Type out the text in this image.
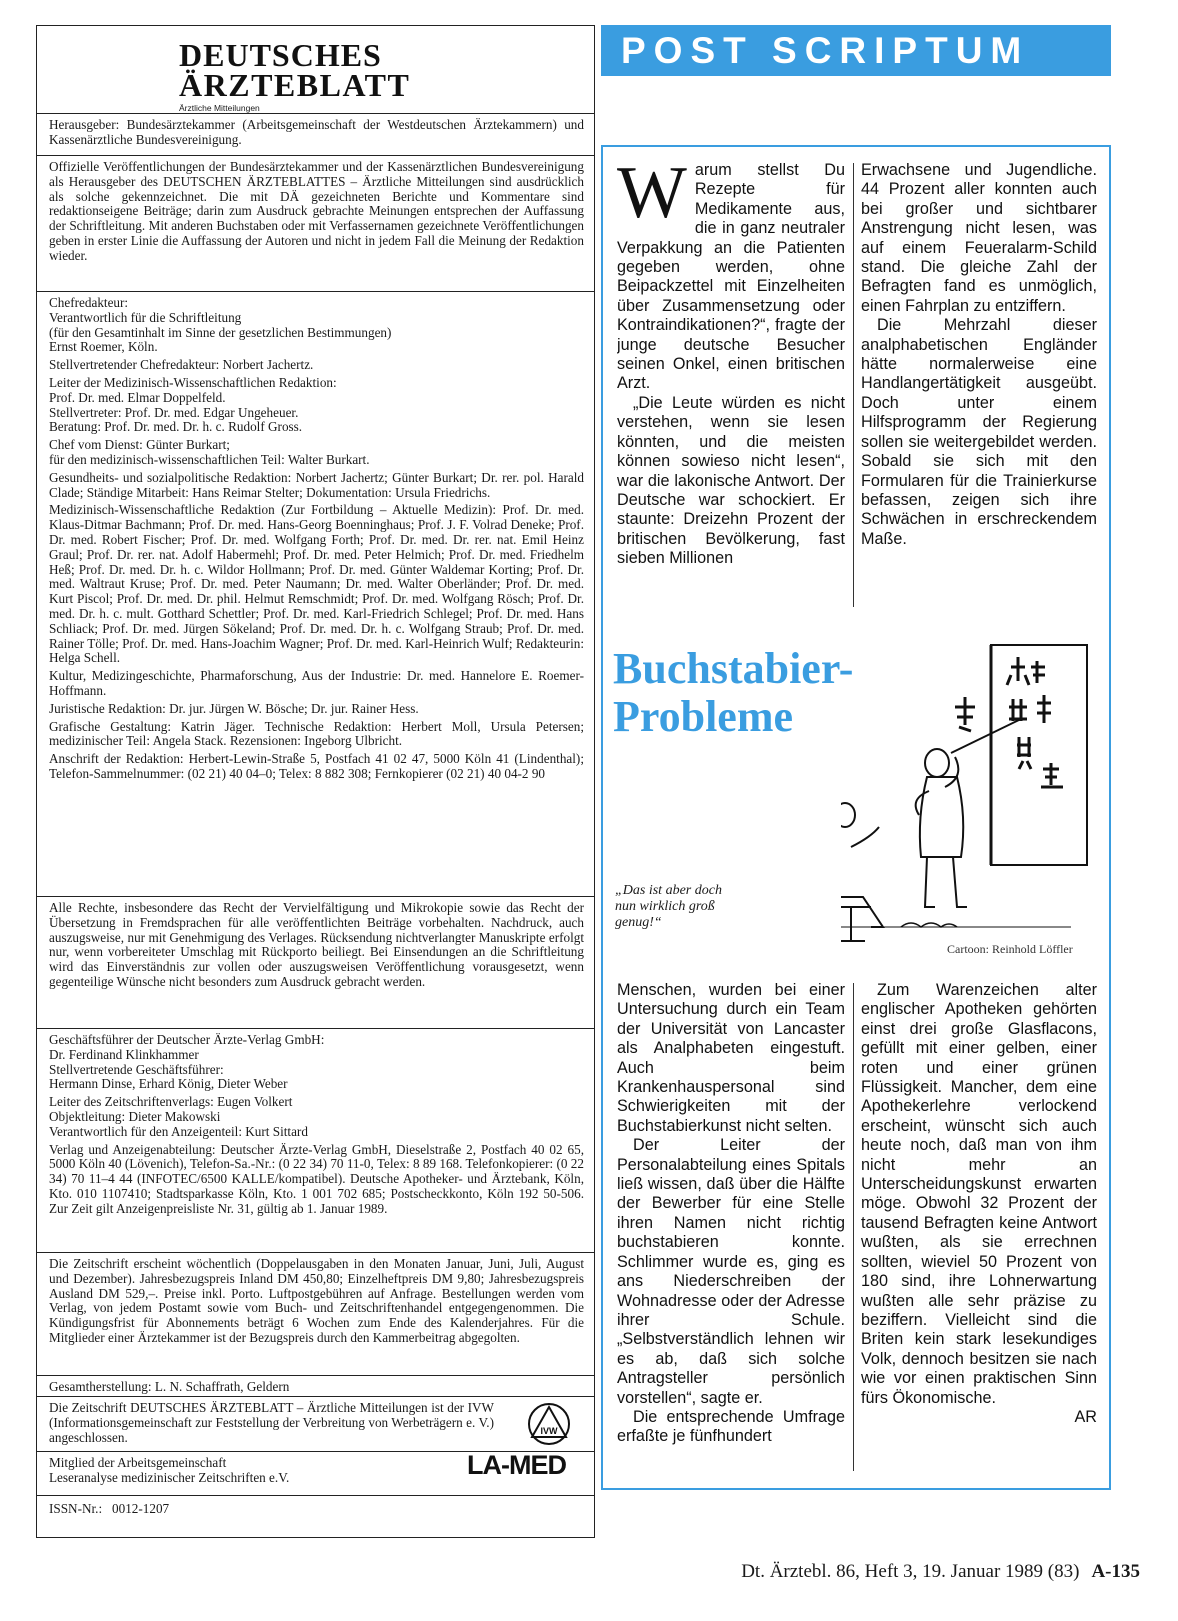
DEUTSCHES
ÄRZTEBLATT
Ärztliche Mitteilungen

Herausgeber: Bundesärztekammer (Arbeitsgemeinschaft der Westdeutschen Ärztekammern) und Kassenärztliche Bundesvereinigung.

Offizielle Veröffentlichungen der Bundesärztekammer und der Kassenärztlichen Bundesvereinigung als Herausgeber des DEUTSCHEN ÄRZTEBLATTES – Ärztliche Mitteilungen sind ausdrücklich als solche gekennzeichnet. Die mit DÄ gezeichneten Berichte und Kommentare sind redaktionseigene Beiträge; darin zum Ausdruck gebrachte Meinungen entsprechen der Auffassung der Schriftleitung. Mit anderen Buchstaben oder mit Verfassernamen gezeichnete Veröffentlichungen geben in erster Linie die Auffassung der Autoren und nicht in jedem Fall die Meinung der Redaktion wieder.

Chefredakteur:
Verantwortlich für die Schriftleitung
(für den Gesamtinhalt im Sinne der gesetzlichen Bestimmungen)
Ernst Roemer, Köln.

Stellvertretender Chefredakteur: Norbert Jachertz.

Leiter der Medizinisch-Wissenschaftlichen Redaktion:
Prof. Dr. med. Elmar Doppelfeld.
Stellvertreter: Prof. Dr. med. Edgar Ungeheuer.
Beratung: Prof. Dr. med. Dr. h. c. Rudolf Gross.

Chef vom Dienst: Günter Burkart;
für den medizinisch-wissenschaftlichen Teil: Walter Burkart.

Gesundheits- und sozialpolitische Redaktion: Norbert Jachertz; Günter Burkart; Dr. rer. pol. Harald Clade; Ständige Mitarbeit: Hans Reimar Stelter; Dokumentation: Ursula Friedrichs.

Medizinisch-Wissenschaftliche Redaktion (Zur Fortbildung – Aktuelle Medizin): Prof. Dr. med. Klaus-Ditmar Bachmann; Prof. Dr. med. Hans-Georg Boenninghaus; Prof. J. F. Volrad Deneke; Prof. Dr. med. Robert Fischer; Prof. Dr. med. Wolfgang Forth; Prof. Dr. med. Dr. rer. nat. Emil Heinz Graul; Prof. Dr. rer. nat. Adolf Habermehl; Prof. Dr. med. Peter Helmich; Prof. Dr. med. Friedhelm Heß; Prof. Dr. med. Dr. h. c. Wildor Hollmann; Prof. Dr. med. Günter Waldemar Korting; Prof. Dr. med. Waltraut Kruse; Prof. Dr. med. Peter Naumann; Dr. med. Walter Oberländer; Prof. Dr. med. Kurt Piscol; Prof. Dr. med. Dr. phil. Helmut Remschmidt; Prof. Dr. med. Wolfgang Rösch; Prof. Dr. med. Dr. h. c. mult. Gotthard Schettler; Prof. Dr. med. Karl-Friedrich Schlegel; Prof. Dr. med. Hans Schliack; Prof. Dr. med. Jürgen Sökeland; Prof. Dr. med. Dr. h. c. Wolfgang Straub; Prof. Dr. med. Rainer Tölle; Prof. Dr. med. Hans-Joachim Wagner; Prof. Dr. med. Karl-Heinrich Wulf; Redakteurin: Helga Schell.

Kultur, Medizingeschichte, Pharmaforschung, Aus der Industrie: Dr. med. Hannelore E. Roemer-Hoffmann.

Juristische Redaktion: Dr. jur. Jürgen W. Bösche; Dr. jur. Rainer Hess.

Grafische Gestaltung: Katrin Jäger. Technische Redaktion: Herbert Moll, Ursula Petersen; medizinischer Teil: Angela Stack. Rezensionen: Ingeborg Ulbricht.

Anschrift der Redaktion: Herbert-Lewin-Straße 5, Postfach 41 02 47, 5000 Köln 41 (Lindenthal); Telefon-Sammelnummer: (02 21) 40 04–0; Telex: 8 882 308; Fernkopierer (02 21) 40 04-2 90

Alle Rechte, insbesondere das Recht der Vervielfältigung und Mikrokopie sowie das Recht der Übersetzung in Fremdsprachen für alle veröffentlichten Beiträge vorbehalten. Nachdruck, auch auszugsweise, nur mit Genehmigung des Verlages. Rücksendung nichtverlangter Manuskripte erfolgt nur, wenn vorbereiteter Umschlag mit Rückporto beiliegt. Bei Einsendungen an die Schriftleitung wird das Einverständnis zur vollen oder auszugsweisen Veröffentlichung vorausgesetzt, wenn gegenteilige Wünsche nicht besonders zum Ausdruck gebracht werden.

Geschäftsführer der Deutscher Ärzte-Verlag GmbH:
Dr. Ferdinand Klinkhammer
Stellvertretende Geschäftsführer:
Hermann Dinse, Erhard König, Dieter Weber

Leiter des Zeitschriftenverlags: Eugen Volkert
Objektleitung: Dieter Makowski
Verantwortlich für den Anzeigenteil: Kurt Sittard

Verlag und Anzeigenabteilung: Deutscher Ärzte-Verlag GmbH, Dieselstraße 2, Postfach 40 02 65, 5000 Köln 40 (Lövenich), Telefon-Sa.-Nr.: (0 22 34) 70 11-0, Telex: 8 89 168. Telefonkopierer: (0 22 34) 70 11–4 44 (INFOTEC/6500 KALLE/kompatibel). Deutsche Apotheker- und Ärztebank, Köln, Kto. 010 1107410; Stadtsparkasse Köln, Kto. 1 001 702 685; Postscheckkonto, Köln 192 50-506. Zur Zeit gilt Anzeigenpreisliste Nr. 31, gültig ab 1. Januar 1989.

Die Zeitschrift erscheint wöchentlich (Doppelausgaben in den Monaten Januar, Juni, Juli, August und Dezember). Jahresbezugspreis Inland DM 450,80; Einzelheftpreis DM 9,80; Jahresbezugspreis Ausland DM 529,–. Preise inkl. Porto. Luftpostgebühren auf Anfrage. Bestellungen werden vom Verlag, von jedem Postamt sowie vom Buch- und Zeitschriftenhandel entgegengenommen. Die Kündigungsfrist für Abonnements beträgt 6 Wochen zum Ende des Kalenderjahres. Für die Mitglieder einer Ärztekammer ist der Bezugspreis durch den Kammerbeitrag abgegolten.

Gesamtherstellung: L. N. Schaffrath, Geldern

Die Zeitschrift DEUTSCHES ÄRZTEBLATT – Ärztliche Mitteilungen ist der IVW (Informationsgemeinschaft zur Feststellung der Verbreitung von Werbeträgern e. V.) angeschlossen.	IVW

Mitglied der Arbeitsgemeinschaft
Leseranalyse medizinischer Zeitschriften e.V.	LA-MED

ISSN-Nr.:   0012-1207

POST SCRIPTUM

Warum stellst Du Rezepte für Medikamente aus, die in ganz neutraler Verpakkung an die Patienten gegeben werden, ohne Beipackzettel mit Einzelheiten über Zusammensetzung oder Kontraindikationen?“, fragte der junge deutsche Besucher seinen Onkel, einen britischen Arzt.

„Die Leute würden es nicht verstehen, wenn sie lesen könnten, und die meisten können sowieso nicht lesen“, war die lakonische Antwort. Der Deutsche war schockiert. Er staunte: Dreizehn Prozent der britischen Bevölkerung, fast sieben Millionen

Erwachsene und Jugendliche. 44 Prozent aller konnten auch bei großer und sichtbarer Anstrengung nicht lesen, was auf einem Feueralarm-Schild stand. Die gleiche Zahl der Befragten fand es unmöglich, einen Fahrplan zu entziffern.

Die Mehrzahl dieser analphabetischen Engländer hätte normalerweise eine Handlangertätigkeit ausgeübt. Doch unter einem Hilfsprogramm der Regierung sollen sie weitergebildet werden. Sobald sie sich mit den Formularen für die Trainierkurse befassen, zeigen sich ihre Schwächen in erschreckendem Maße.

Buchstabier-
Probleme
„Das ist aber doch nun wirklich groß genug!“
Cartoon: Reinhold Löffler

Menschen, wurden bei einer Untersuchung durch ein Team der Universität von Lancaster als Analphabeten eingestuft. Auch beim Krankenhauspersonal sind Schwierigkeiten mit der Buchstabierkunst nicht selten.

Der Leiter der Personalabteilung eines Spitals ließ wissen, daß über die Hälfte der Bewerber für eine Stelle ihren Namen nicht richtig buchstabieren konnte. Schlimmer wurde es, ging es ans Niederschreiben der Wohnadresse oder der Adresse ihrer Schule. „Selbstverständlich lehnen wir es ab, daß sich solche Antragsteller persönlich vorstellen“, sagte er.

Die entsprechende Umfrage erfaßte je fünfhundert

Zum Warenzeichen alter englischer Apotheken gehörten einst drei große Glasflacons, gefüllt mit einer gelben, einer roten und einer grünen Flüssigkeit. Mancher, dem eine Apothekerlehre verlockend erscheint, wünscht sich auch heute noch, daß man von ihm nicht mehr an Unterscheidungskunst erwarten möge. Obwohl 32 Prozent der tausend Befragten keine Antwort wußten, als sie errechnen sollten, wieviel 50 Prozent von 180 sind, ihre Lohnerwartung wußten alle sehr präzise zu beziffern. Vielleicht sind die Briten kein stark lesekundiges Volk, dennoch besitzen sie nach wie vor einen praktischen Sinn fürs Ökonomische.

AR
Dt. Ärztebl. 86, Heft 3, 19. Januar 1989 (83) A-135
